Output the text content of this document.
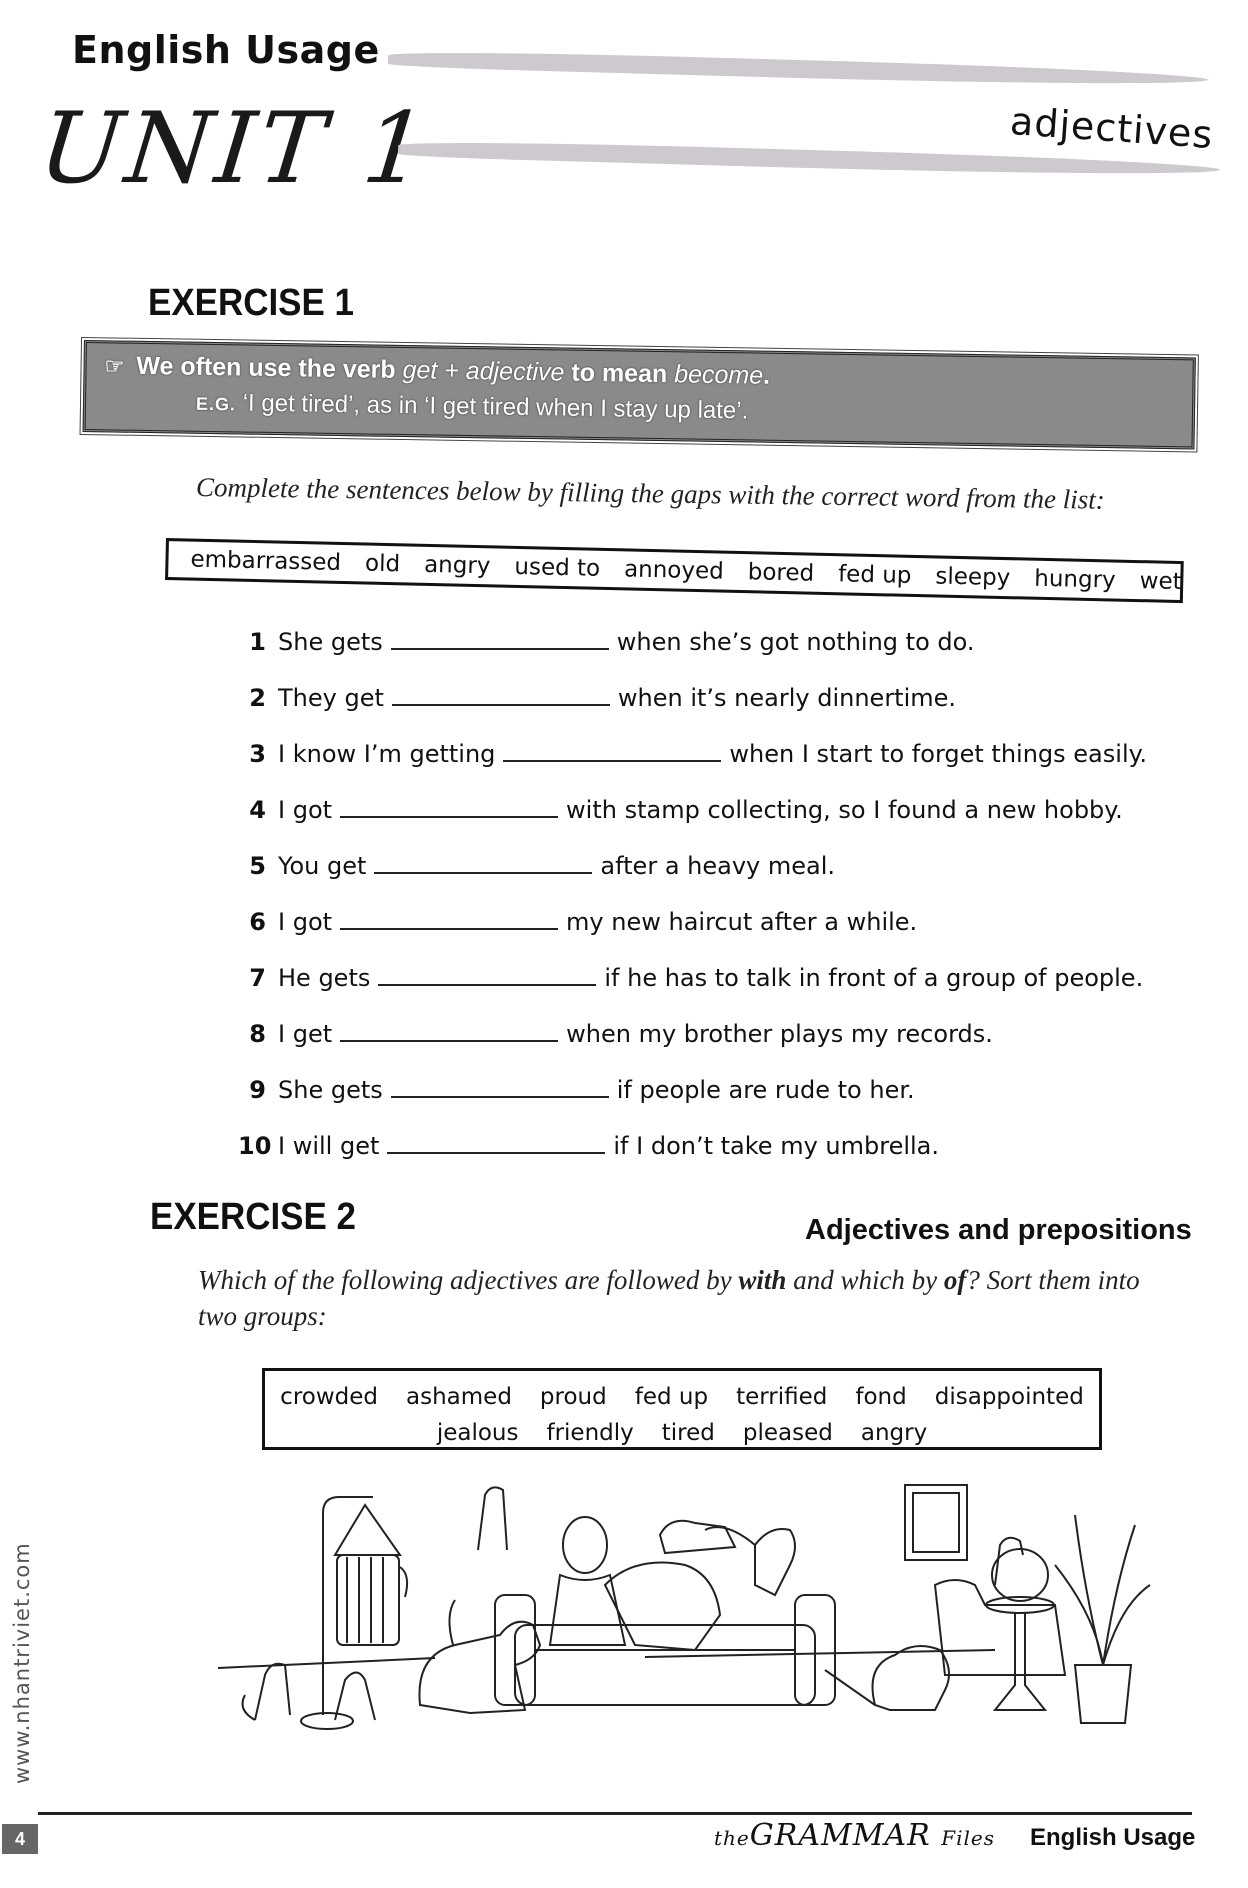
English Usage
UNIT 1	adjectives
EXERCISE 1
☞ We often use the verb get + adjective to mean become.
E.G. ‘I get tired’, as in ‘I get tired when I stay up late’.
Complete the sentences below by filling the gaps with the correct word from the list:
embarrassed old angry used to annoyed bored fed up sleepy hungry wet
1 She gets	when she’s got nothing to do.
2 They get	when it’s nearly dinnertime.
3 I know I’m getting	when I start to forget things easily.
4 I got	with stamp collecting, so I found a new hobby.
5 You get	after a heavy meal.
6 I got	my new haircut after a while.
7 He gets	if he has to talk in front of a group of people.
8 I get	when my brother plays my records.
9 She gets	if people are rude to her.
10 I will get	if I don’t take my umbrella.
EXERCISE 2	Adjectives and prepositions
Which of the following adjectives are followed by with and which by of? Sort them into two groups:
crowded ashamed proud fed up terrified fond disappointed
jealous friendly tired pleased angry
www.nhantriviet.com
4	theGRAMMAR Files English Usage
